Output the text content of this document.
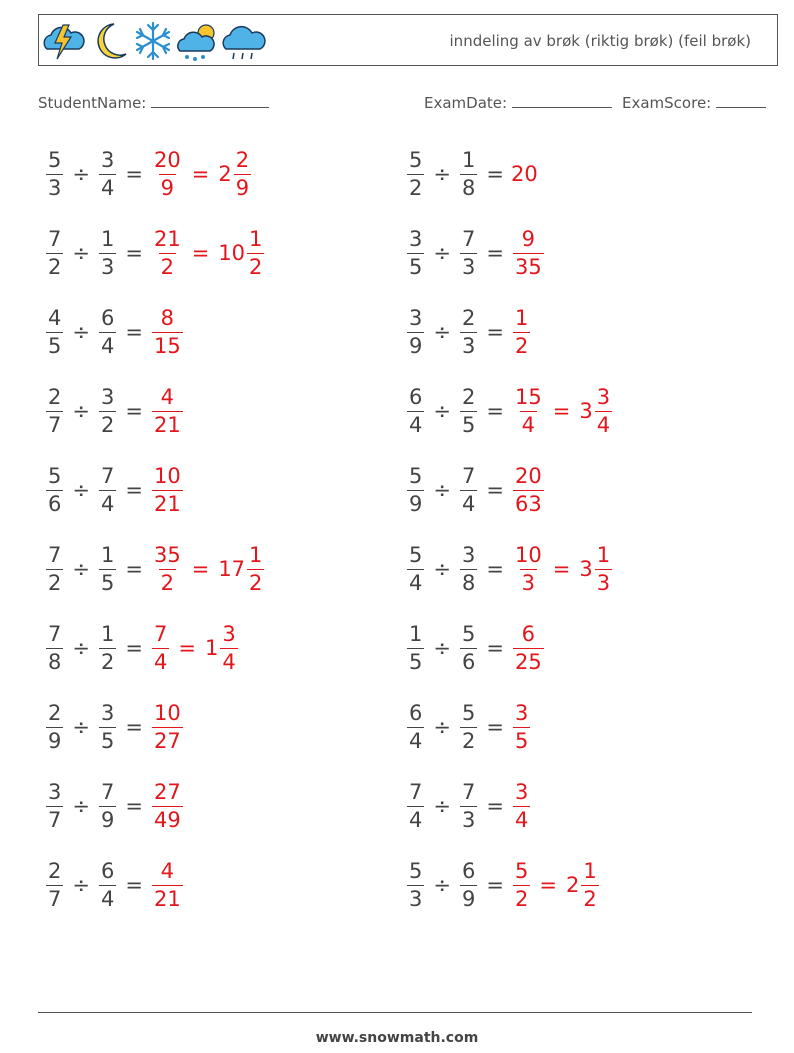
inndeling av brøk (riktig brøk) (feil brøk)
StudentName:	ExamDate:	ExamScore:
$\frac{5}{3} \div \frac{3}{4} = \frac{20}{9} = 2 \frac{2}{9}$
$\frac{7}{2} \div \frac{1}{3} = \frac{21}{2} = 10 \frac{1}{2}$
$\frac{4}{5} \div \frac{6}{4} = \frac{8}{15}$
$\frac{2}{7} \div \frac{3}{2} = \frac{4}{21}$
$\frac{5}{6} \div \frac{7}{4} = \frac{10}{21}$
$\frac{7}{2} \div \frac{1}{5} = \frac{35}{2} = 17 \frac{1}{2}$
$\frac{7}{8} \div \frac{1}{2} = \frac{7}{4} = 1 \frac{3}{4}$
$\frac{2}{9} \div \frac{3}{5} = \frac{10}{27}$
$\frac{3}{7} \div \frac{7}{9} = \frac{27}{49}$
$\frac{2}{7} \div \frac{6}{4} = \frac{4}{21}$
$\frac{5}{2} \div \frac{1}{8} = 20$
$\frac{3}{5} \div \frac{7}{3} = \frac{9}{35}$
$\frac{3}{9} \div \frac{2}{3} = \frac{1}{2}$
$\frac{6}{4} \div \frac{2}{5} = \frac{15}{4} = 3 \frac{3}{4}$
$\frac{5}{9} \div \frac{7}{4} = \frac{20}{63}$
$\frac{5}{4} \div \frac{3}{8} = \frac{10}{3} = 3 \frac{1}{3}$
$\frac{1}{5} \div \frac{5}{6} = \frac{6}{25}$
$\frac{6}{4} \div \frac{5}{2} = \frac{3}{5}$
$\frac{7}{4} \div \frac{7}{3} = \frac{3}{4}$
$\frac{5}{3} \div \frac{6}{9} = \frac{5}{2} = 2 \frac{1}{2}$
www.snowmath.com
